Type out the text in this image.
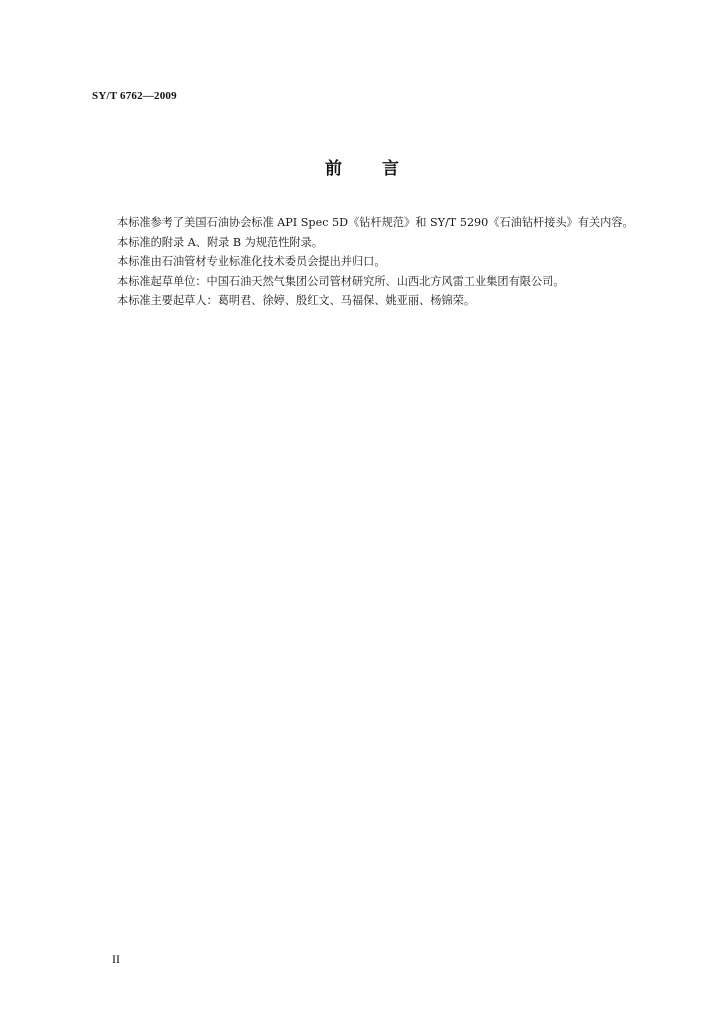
SY/T 6762—2009
前 言

本标准参考了美国石油协会标准 API Spec 5D《钻杆规范》和 SY/T 5290《石油钻杆接头》有关内容。

本标准的附录 A、附录 B 为规范性附录。

本标准由石油管材专业标准化技术委员会提出并归口。

本标准起草单位：中国石油天然气集团公司管材研究所、山西北方风雷工业集团有限公司。

本标准主要起草人：葛明君、徐婷、殷红文、马福保、姚亚丽、杨锦荣。

II
